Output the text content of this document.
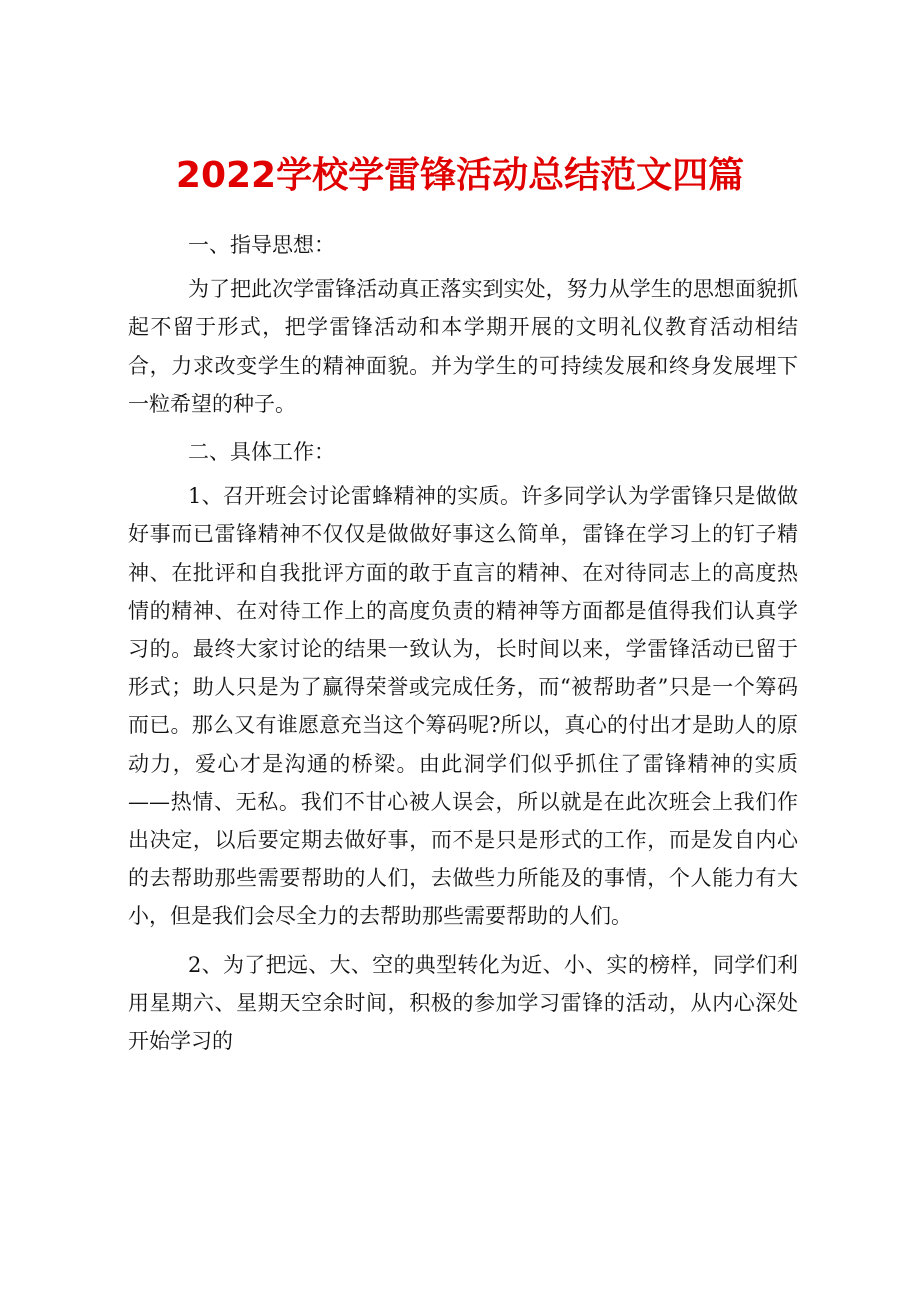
2022学校学雷锋活动总结范文四篇

一、指导思想：

为了把此次学雷锋活动真正落实到实处，努力从学生的思想面貌抓起不留于形式，把学雷锋活动和本学期开展的文明礼仪教育活动相结合，力求改变学生的精神面貌。并为学生的可持续发展和终身发展埋下一粒希望的种子。

二、具体工作：

1、召开班会讨论雷蜂精神的实质。许多同学认为学雷锋只是做做好事而已雷锋精神不仅仅是做做好事这么简单，雷锋在学习上的钉子精神、在批评和自我批评方面的敢于直言的精神、在对待同志上的高度热情的精神、在对待工作上的高度负责的精神等方面都是值得我们认真学习的。最终大家讨论的结果一致认为，长时间以来，学雷锋活动已留于形式；助人只是为了赢得荣誉或完成任务，而“被帮助者”只是一个筹码而已。那么又有谁愿意充当这个筹码呢?所以，真心的付出才是助人的原动力，爱心才是沟通的桥梁。由此洞学们似乎抓住了雷锋精神的实质——热情、无私。我们不甘心被人误会，所以就是在此次班会上我们作出决定，以后要定期去做好事，而不是只是形式的工作，而是发自内心的去帮助那些需要帮助的人们，去做些力所能及的事情，个人能力有大小，但是我们会尽全力的去帮助那些需要帮助的人们。

2、为了把远、大、空的典型转化为近、小、实的榜样，同学们利用星期六、星期天空余时间，积极的参加学习雷锋的活动，从内心深处开始学习的
